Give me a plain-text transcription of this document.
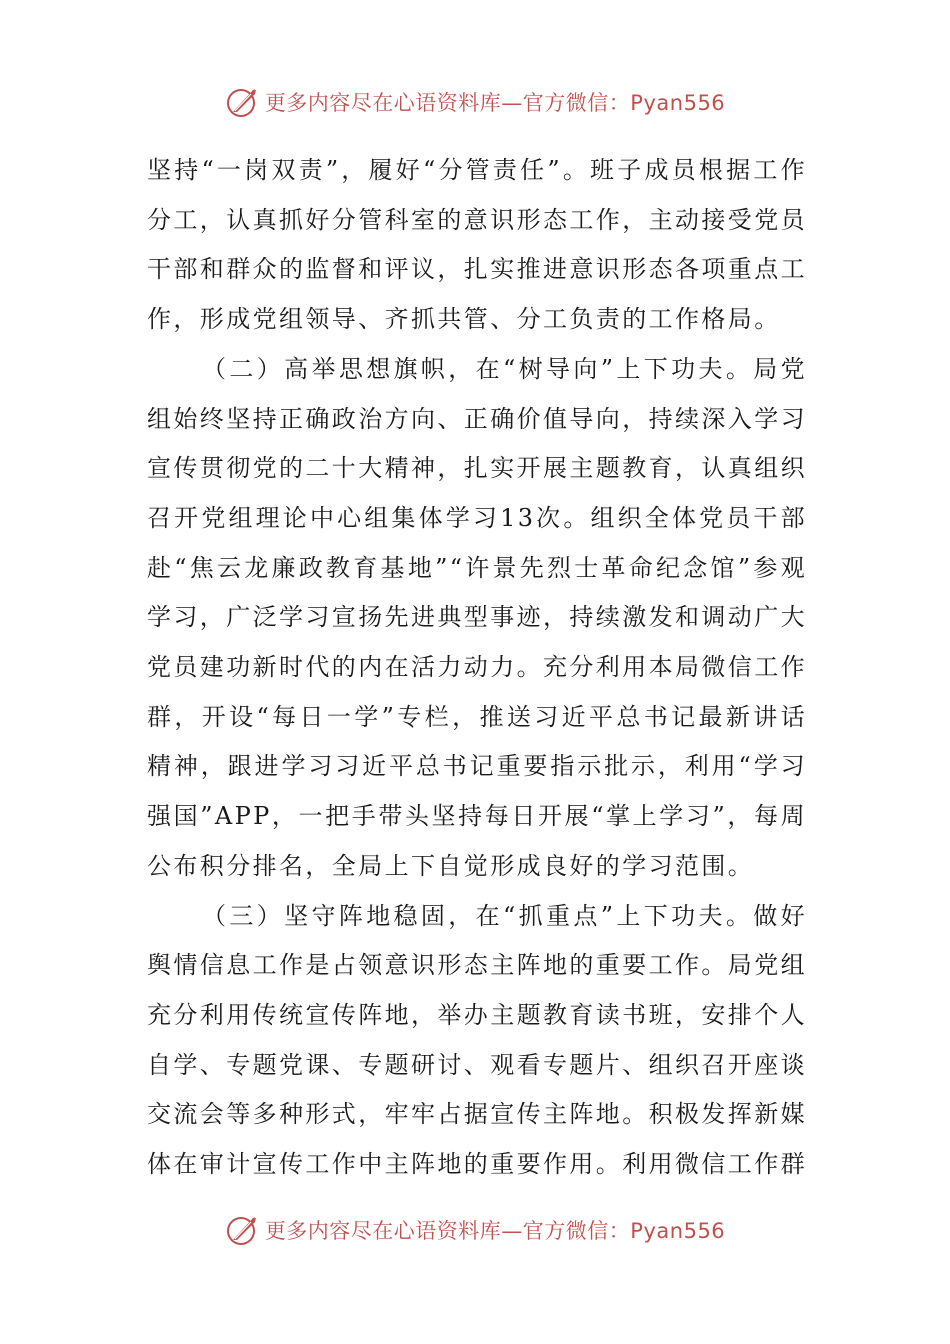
更多内容尽在心语资料库—官方微信：Pyan556

坚持“一岗双责”，履好“分管责任”。班子成员根据工作分工，认真抓好分管科室的意识形态工作，主动接受党员干部和群众的监督和评议，扎实推进意识形态各项重点工作，形成党组领导、齐抓共管、分工负责的工作格局。

（二）高举思想旗帜，在“树导向”上下功夫。局党组始终坚持正确政治方向、正确价值导向，持续深入学习宣传贯彻党的二十大精神，扎实开展主题教育，认真组织召开党组理论中心组集体学习13次。组织全体党员干部赴“焦云龙廉政教育基地”“许景先烈士革命纪念馆”参观学习，广泛学习宣扬先进典型事迹，持续激发和调动广大党员建功新时代的内在活力动力。充分利用本局微信工作群，开设“每日一学”专栏，推送习近平总书记最新讲话精神，跟进学习习近平总书记重要指示批示，利用“学习强国”APP，一把手带头坚持每日开展“掌上学习”，每周公布积分排名，全局上下自觉形成良好的学习范围。

（三）坚守阵地稳固，在“抓重点”上下功夫。做好舆情信息工作是占领意识形态主阵地的重要工作。局党组充分利用传统宣传阵地，举办主题教育读书班，安排个人自学、专题党课、专题研讨、观看专题片、组织召开座谈交流会等多种形式，牢牢占据宣传主阵地。积极发挥新媒体在审计宣传工作中主阵地的重要作用。利用微信工作群

更多内容尽在心语资料库—官方微信：Pyan556
